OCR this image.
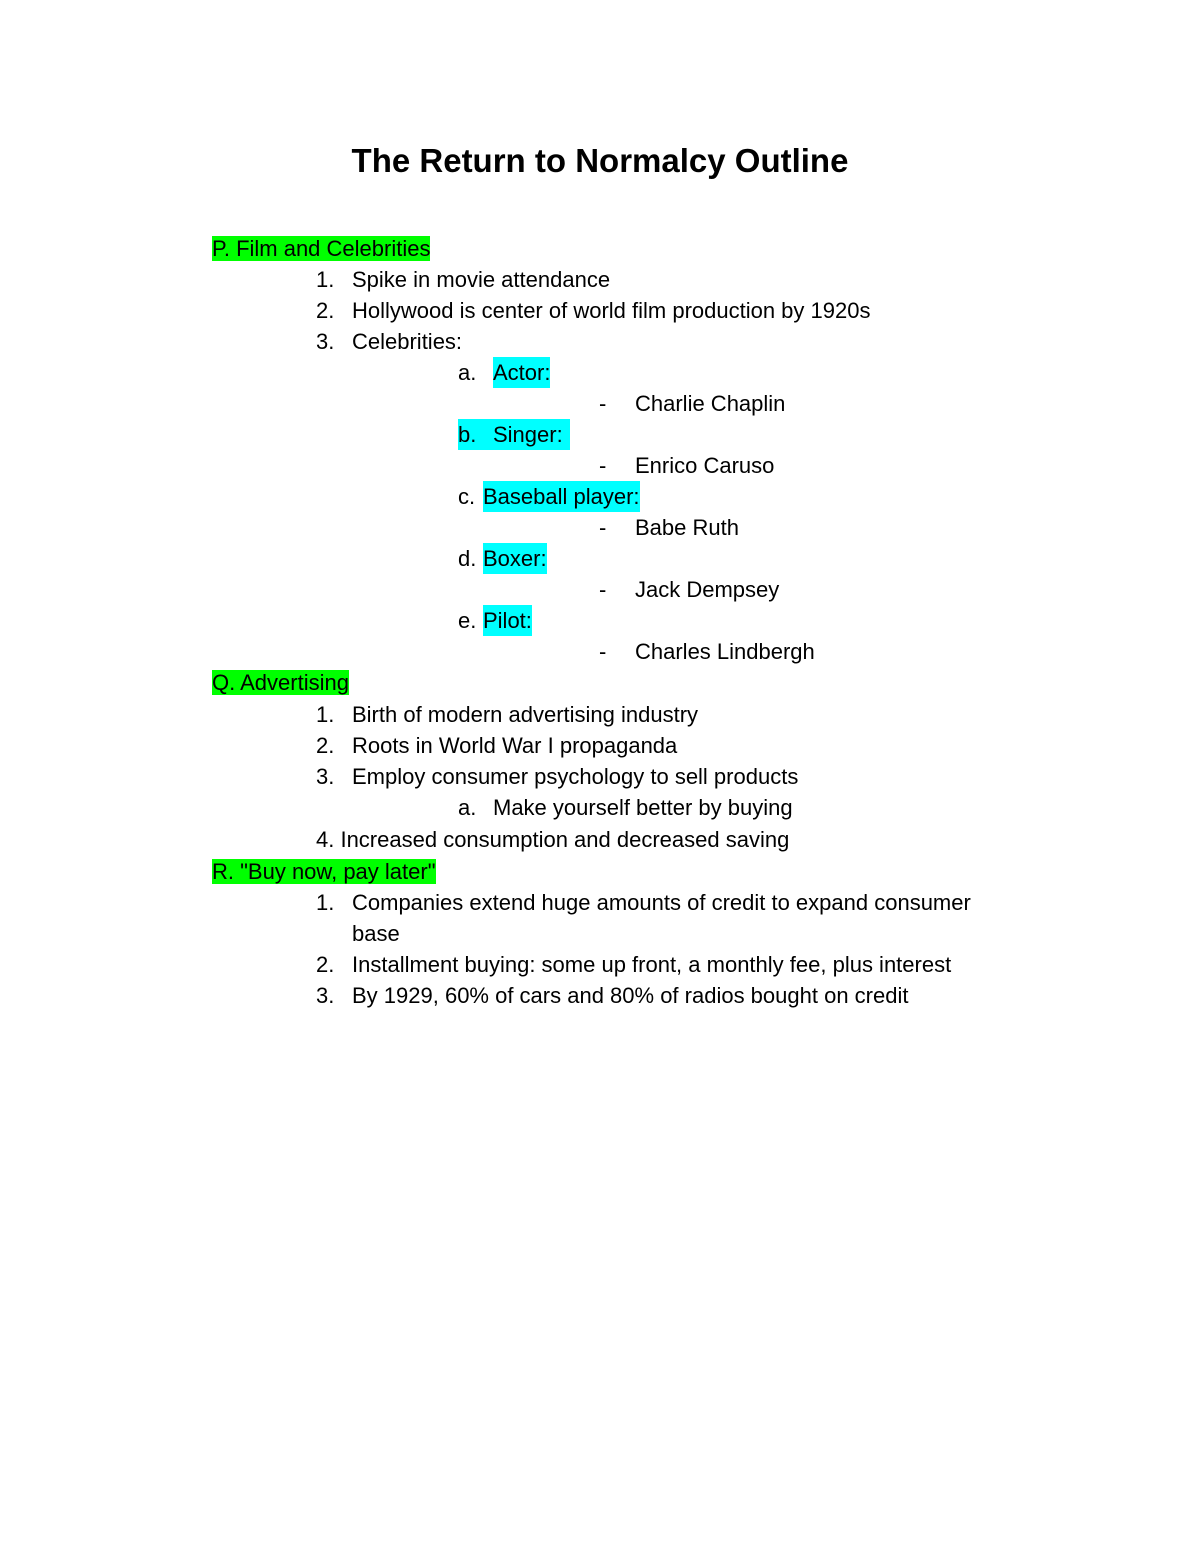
The Return to Normalcy Outline
P. Film and Celebrities
1. Spike in movie attendance
2. Hollywood is center of world film production by 1920s
3. Celebrities:
a. Actor:
- Charlie Chaplin
b. Singer:
- Enrico Caruso
c. Baseball player:
- Babe Ruth
d. Boxer:
- Jack Dempsey
e. Pilot:
- Charles Lindbergh
Q. Advertising
1. Birth of modern advertising industry
2. Roots in World War I propaganda
3. Employ consumer psychology to sell products
a. Make yourself better by buying
4. Increased consumption and decreased saving
R. "Buy now, pay later"
1. Companies extend huge amounts of credit to expand consumer
base
2. Installment buying: some up front, a monthly fee, plus interest
3. By 1929, 60% of cars and 80% of radios bought on credit
